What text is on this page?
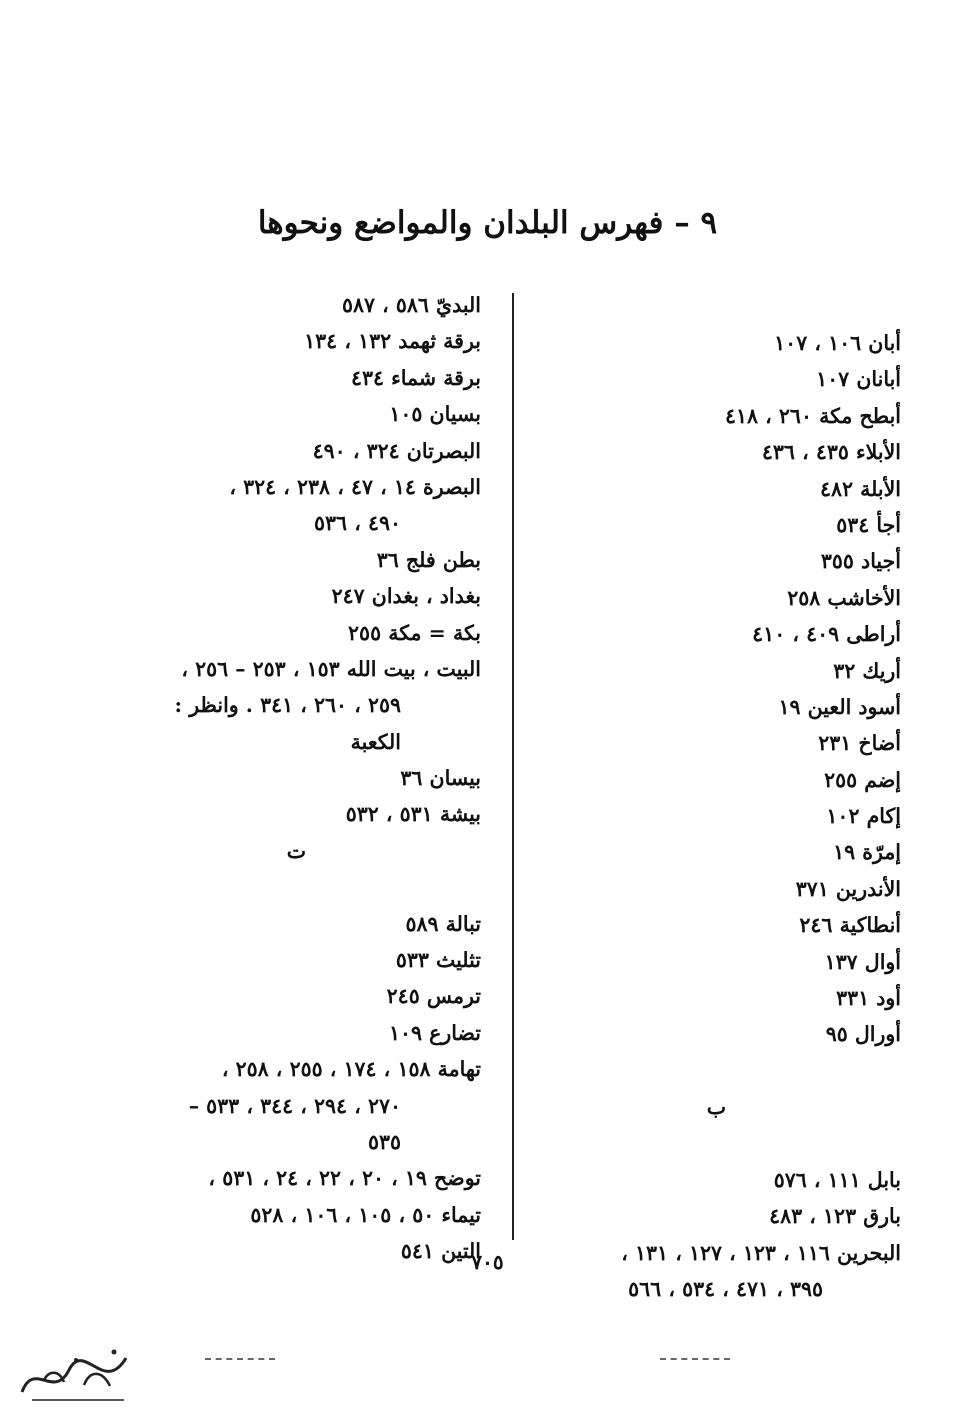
٩ – فهرس البلدان والمواضع ونحوها
أبان ١٠٦ ، ١٠٧
أبانان ١٠٧
أبطح مكة ٢٦٠ ، ٤١٨
الأبلاء ٤٣٥ ، ٤٣٦
الأبلة ٤٨٢
أجأ ٥٣٤
أجياد ٣٥٥
الأخاشب ٢٥٨
أراطى ٤٠٩ ، ٤١٠
أريك ٣٢
أسود العين ١٩
أضاخ ٢٣١
إضم ٢٥٥
إكام ١٠٢
إمرّة ١٩
الأندرين ٣٧١
أنطاكية ٢٤٦
أوال ١٣٧
أود ٣٣١
أورال ٩٥
ب
بابل ١١١ ، ٥٧٦
بارق ١٢٣ ، ٤٨٣
البحرين ١١٦ ، ١٢٣ ، ١٢٧ ، ١٣١ ،
٣٩٥ ، ٤٧١ ، ٥٣٤ ، ٥٦٦
البديّ ٥٨٦ ، ٥٨٧
برقة ثهمد ١٣٢ ، ١٣٤
برقة شماء ٤٣٤
بسيان ١٠٥
البصرتان ٣٢٤ ، ٤٩٠
البصرة ١٤ ، ٤٧ ، ٢٣٨ ، ٣٢٤ ،
٤٩٠ ، ٥٣٦
بطن فلج ٣٦
بغداد ، بغدان ٢٤٧
بكة = مكة ٢٥٥
البيت ، بيت الله ١٥٣ ، ٢٥٣ – ٢٥٦ ،
٢٥٩ ، ٢٦٠ ، ٣٤١ . وانظر :
الكعبة
بيسان ٣٦
بيشة ٥٣١ ، ٥٣٢
ت
تبالة ٥٨٩
تثليث ٥٣٣
ترمس ٢٤٥
تضارع ١٠٩
تهامة ١٥٨ ، ١٧٤ ، ٢٥٥ ، ٢٥٨ ،
٢٧٠ ، ٢٩٤ ، ٣٤٤ ، ٥٣٣ –
٥٣٥
توضح ١٩ ، ٢٠ ، ٢٢ ، ٢٤ ، ٥٣١ ،
تيماء ٥٠ ، ١٠٥ ، ١٠٦ ، ٥٢٨
التين ٥٤١
٧٠٥
